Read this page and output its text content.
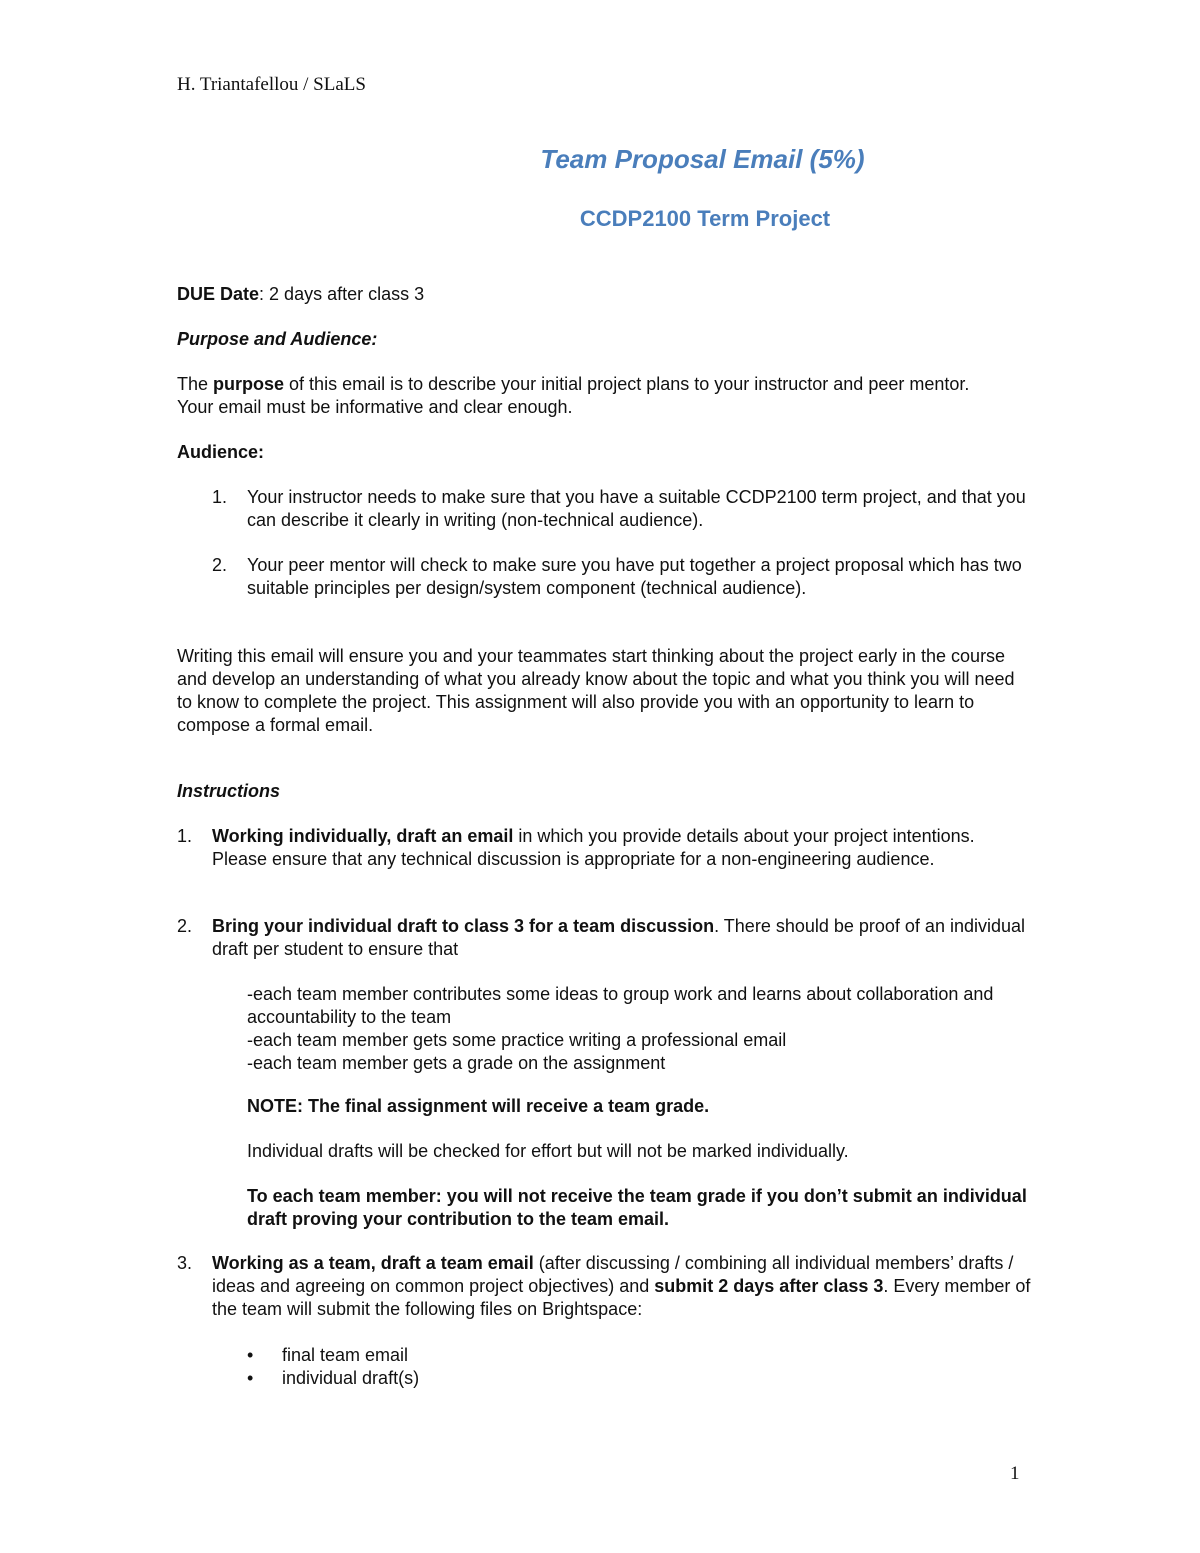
H. Triantafellou / SLaLS

Team Proposal Email (5%)

CCDP2100 Term Project

DUE Date: 2 days after class 3

Purpose and Audience:

The purpose of this email is to describe your initial project plans to your instructor and peer mentor. Your email must be informative and clear enough.

Audience:

1. Your instructor needs to make sure that you have a suitable CCDP2100 term project, and that you can describe it clearly in writing (non-technical audience).

2. Your peer mentor will check to make sure you have put together a project proposal which has two suitable principles per design/system component (technical audience).

Writing this email will ensure you and your teammates start thinking about the project early in the course and develop an understanding of what you already know about the topic and what you think you will need to know to complete the project. This assignment will also provide you with an opportunity to learn to compose a formal email.

Instructions

1. Working individually, draft an email in which you provide details about your project intentions. Please ensure that any technical discussion is appropriate for a non-engineering audience.

2. Bring your individual draft to class 3 for a team discussion. There should be proof of an individual draft per student to ensure that

-each team member contributes some ideas to group work and learns about collaboration and accountability to the team

-each team member gets some practice writing a professional email

-each team member gets a grade on the assignment

NOTE: The final assignment will receive a team grade.

Individual drafts will be checked for effort but will not be marked individually.

To each team member: you will not receive the team grade if you don’t submit an individual draft proving your contribution to the team email.

3. Working as a team, draft a team email (after discussing / combining all individual members’ drafts / ideas and agreeing on common project objectives) and submit 2 days after class 3. Every member of the team will submit the following files on Brightspace:

• final team email
• individual draft(s)

1
